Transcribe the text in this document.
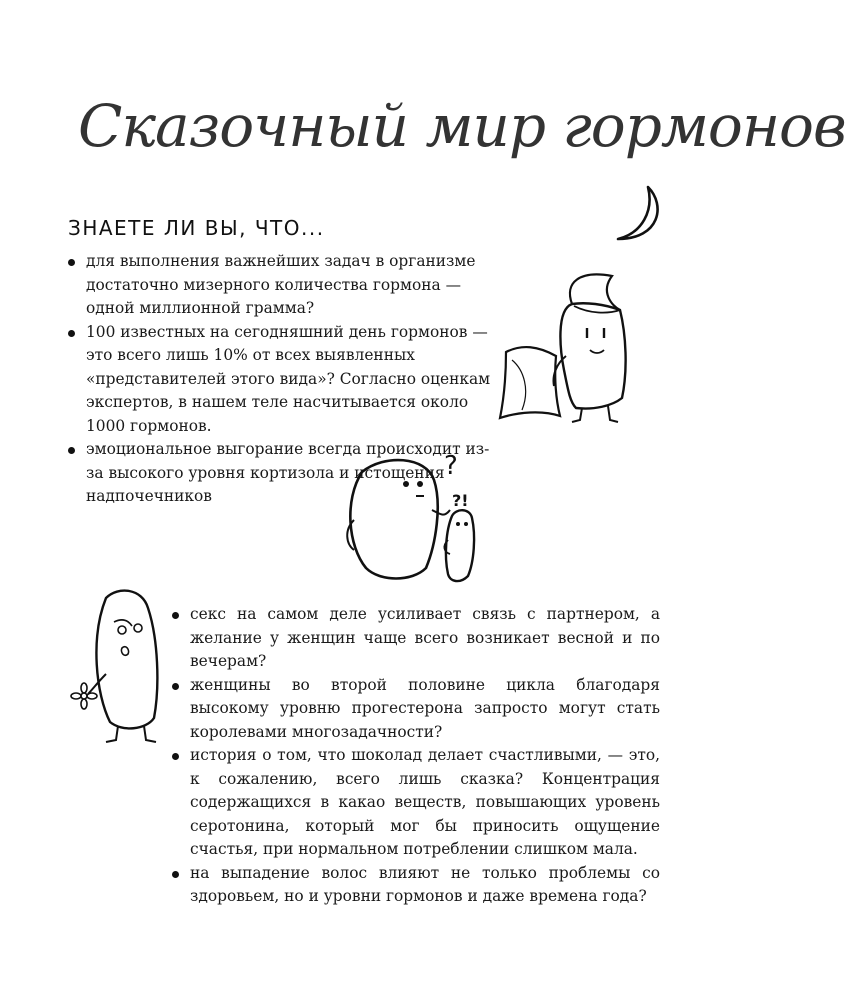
Сказочный мир гормонов
ЗНАЕТЕ ЛИ ВЫ, ЧТО...
для выполнения важнейших задач в организме достаточно мизерного количества гормона — одной миллионной грамма?
100 известных на сегодняшний день гормонов — это всего лишь 10% от всех выявленных «представителей этого вида»? Согласно оценкам экспертов, в нашем теле насчитывается около 1000 гормонов.
эмоциональное выгорание всегда происходит из-за высокого уровня кортизола и истощения надпочечников
?
?!
секс на самом деле усиливает связь с партнером, а желание у женщин чаще всего возникает весной и по вечерам?
женщины во второй половине цикла благодаря высокому уровню прогестерона запросто могут стать королевами многозадачности?
история о том, что шоколад делает счастливыми, — это, к сожалению, всего лишь сказка? Концентрация содержащихся в какао веществ, повышающих уровень серотонина, который мог бы приносить ощущение счастья, при нормальном потреблении слишком мала.
на выпадение волос влияют не только проблемы со здоровьем, но и уровни гормонов и даже времена года?
